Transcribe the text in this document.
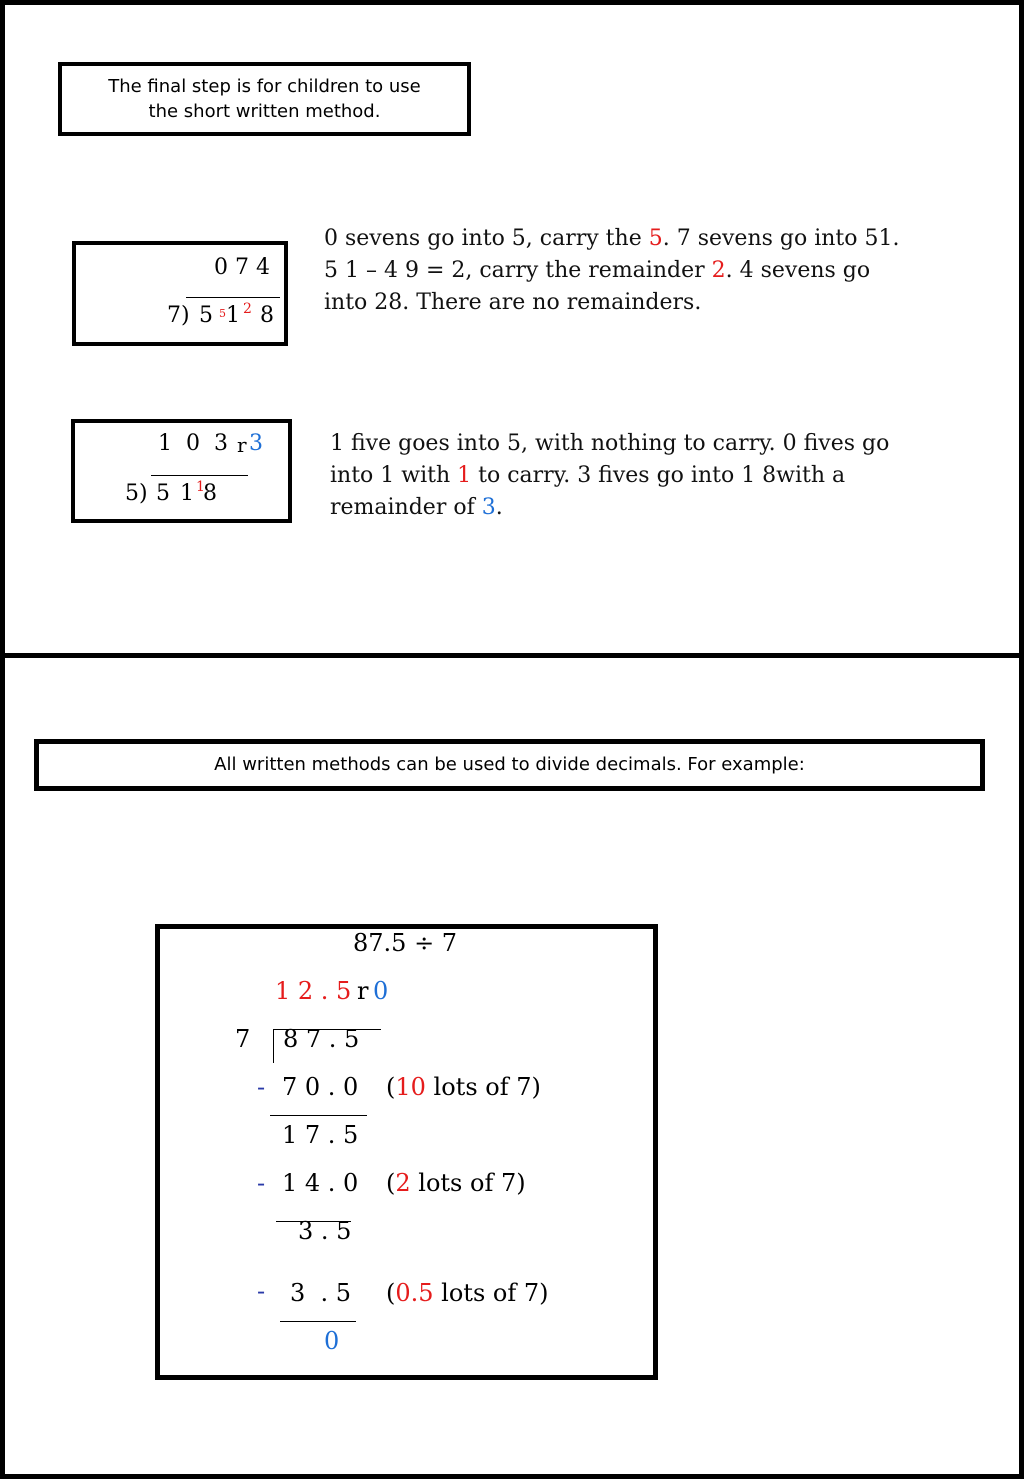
The final step is for children to use
the short written method.
0 7 4
7) 5 5 1 2 8
0 sevens go into 5, carry the 5. 7 sevens go into 51.
5 1 – 4 9 = 2, carry the remainder 2. 4 sevens go
into 28. There are no remainders.
1  0  3 r 3
5) 5 1 1
8
1 five goes into 5, with nothing to carry. 0 fives go
into 1 with 1 to carry. 3 fives go into 1 8with a
remainder of 3.
All written methods can be used to divide decimals. For example:
87.5 ÷ 7
1 2 . 5 r 0
7 8 7 . 5
- 7 0 . 0 (10 lots of 7)
1 7 . 5
- 1 4 . 0 (2 lots of 7)
3 . 5
- 3  . 5 (0.5 lots of 7)
0
